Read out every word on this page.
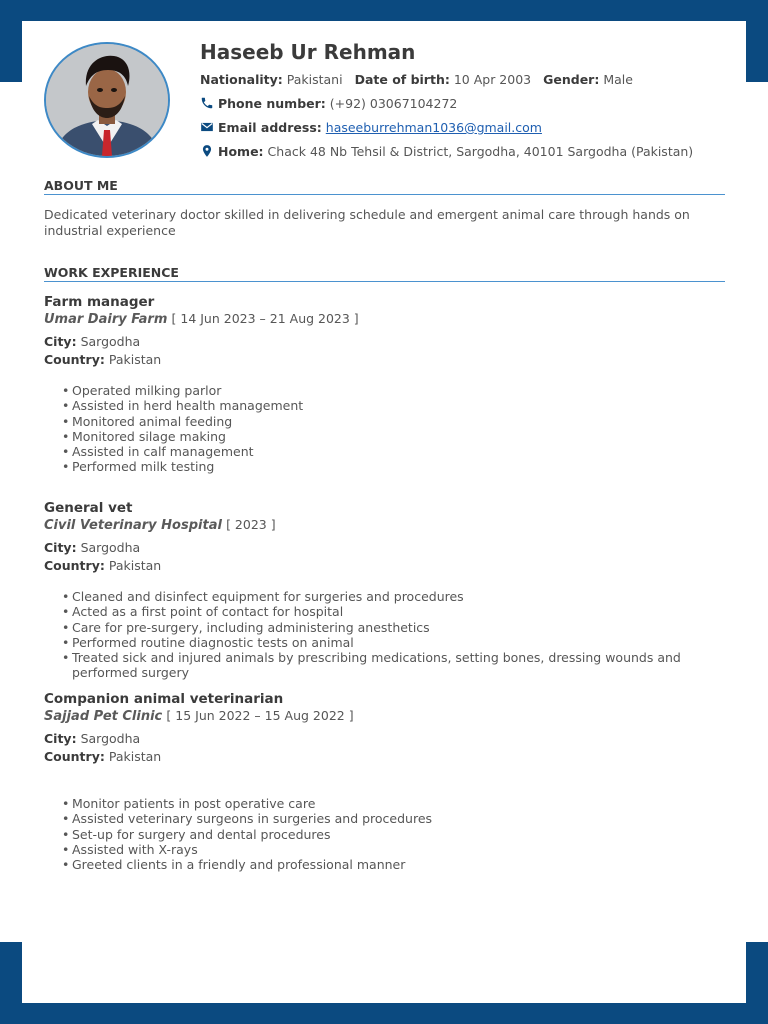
Haseeb Ur Rehman
Nationality: Pakistani Date of birth: 10 Apr 2003 Gender: Male
Phone number: (+92) 03067104272
Email address: haseeburrehman1036@gmail.com
Home: Chack 48 Nb Tehsil & District, Sargodha, 40101 Sargodha (Pakistan)
ABOUT ME
Dedicated veterinary doctor skilled in delivering schedule and emergent animal care through hands on industrial experience
WORK EXPERIENCE
Farm manager
Umar Dairy Farm [ 14 Jun 2023 – 21 Aug 2023 ]
City: Sargodha
Country: Pakistan
• Operated milking parlor
• Assisted in herd health management
• Monitored animal feeding
• Monitored silage making
• Assisted in calf management
• Performed milk testing
General vet
Civil Veterinary Hospital [ 2023 ]
City: Sargodha
Country: Pakistan
• Cleaned and disinfect equipment for surgeries and procedures
• Acted as a first point of contact for hospital
• Care for pre-surgery, including administering anesthetics
• Performed routine diagnostic tests on animal
• Treated sick and injured animals by prescribing medications, setting bones, dressing wounds and performed surgery
Companion animal veterinarian
Sajjad Pet Clinic [ 15 Jun 2022 – 15 Aug 2022 ]
City: Sargodha
Country: Pakistan
• Monitor patients in post operative care
• Assisted veterinary surgeons in surgeries and procedures
• Set-up for surgery and dental procedures
• Assisted with X-rays
• Greeted clients in a friendly and professional manner
